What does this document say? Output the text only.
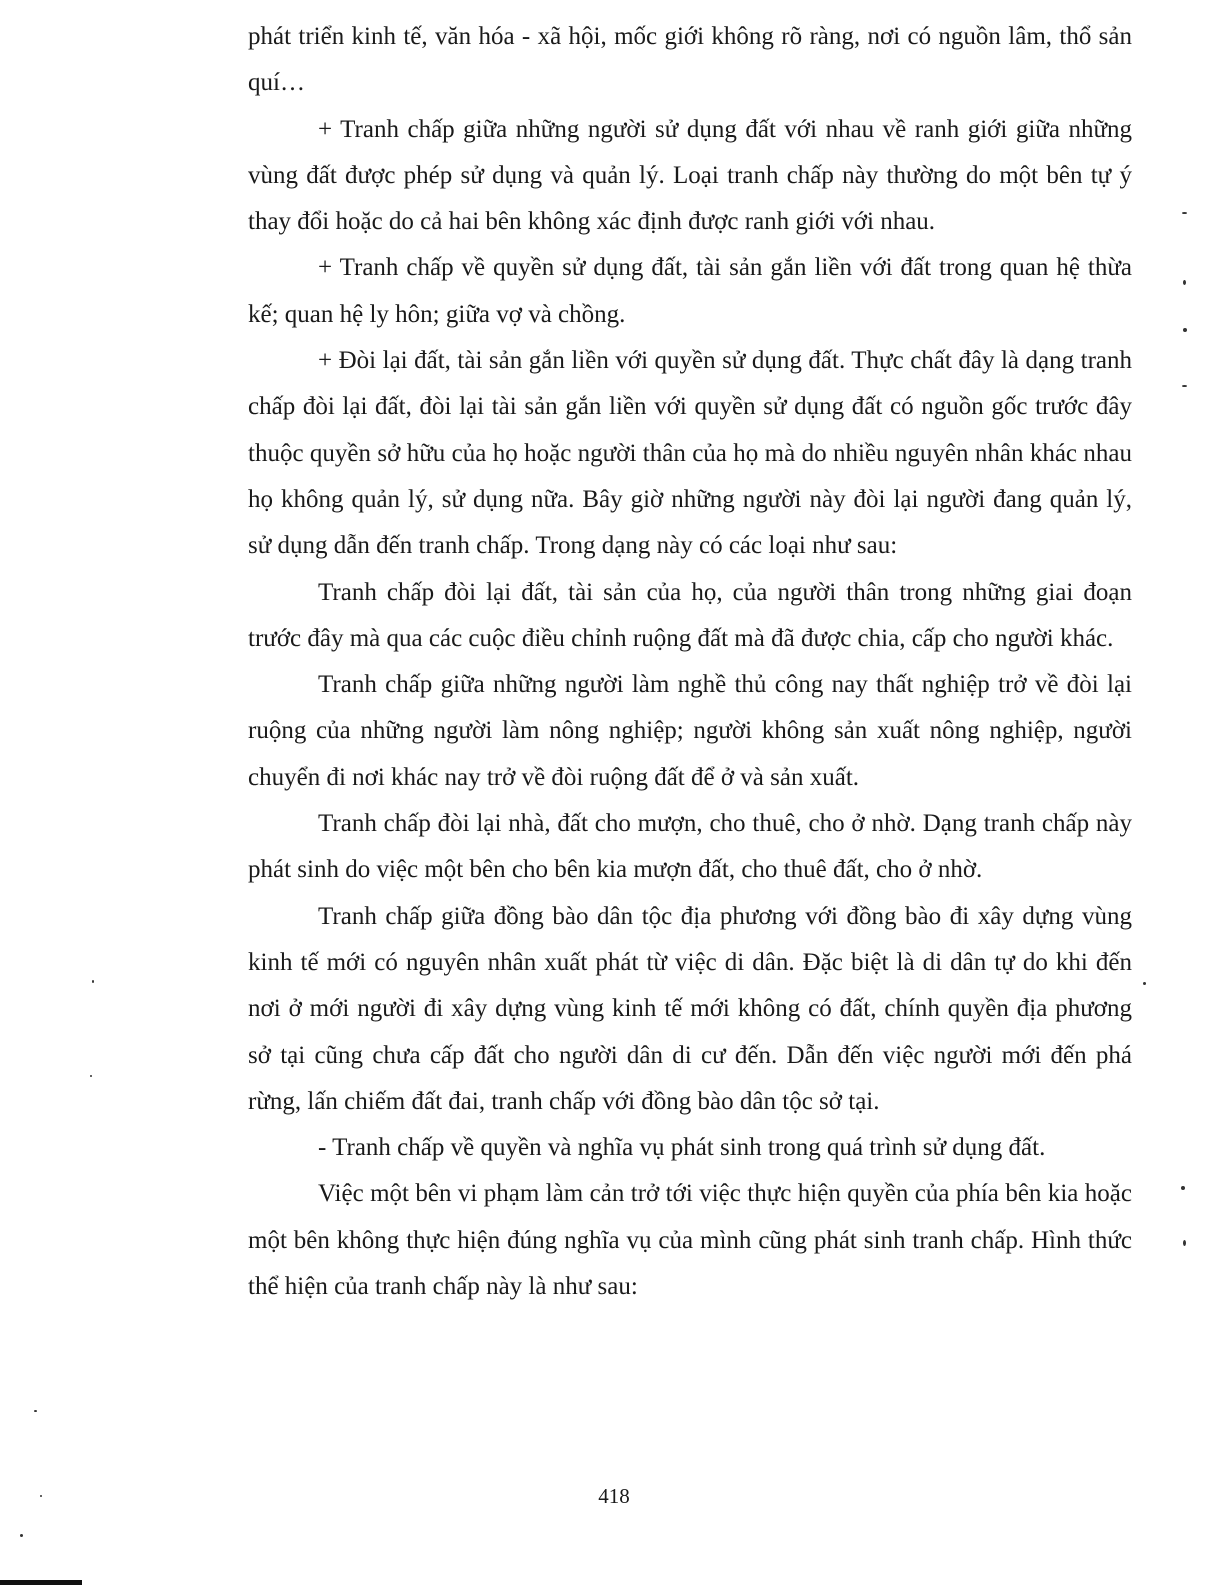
phát triển kinh tế, văn hóa - xã hội, mốc giới không rõ ràng, nơi có nguồn lâm, thổ sản quí…

+ Tranh chấp giữa những người sử dụng đất với nhau về ranh giới giữa những vùng đất được phép sử dụng và quản lý. Loại tranh chấp này thường do một bên tự ý thay đổi hoặc do cả hai bên không xác định được ranh giới với nhau.

+ Tranh chấp về quyền sử dụng đất, tài sản gắn liền với đất trong quan hệ thừa kế; quan hệ ly hôn; giữa vợ và chồng.

+ Đòi lại đất, tài sản gắn liền với quyền sử dụng đất. Thực chất đây là dạng tranh chấp đòi lại đất, đòi lại tài sản gắn liền với quyền sử dụng đất có nguồn gốc trước đây thuộc quyền sở hữu của họ hoặc người thân của họ mà do nhiều nguyên nhân khác nhau họ không quản lý, sử dụng nữa. Bây giờ những người này đòi lại người đang quản lý, sử dụng dẫn đến tranh chấp. Trong dạng này có các loại như sau:

Tranh chấp đòi lại đất, tài sản của họ, của người thân trong những giai đoạn trước đây mà qua các cuộc điều chỉnh ruộng đất mà đã được chia, cấp cho người khác.

Tranh chấp giữa những người làm nghề thủ công nay thất nghiệp trở về đòi lại ruộng của những người làm nông nghiệp; người không sản xuất nông nghiệp, người chuyển đi nơi khác nay trở về đòi ruộng đất để ở và sản xuất.

Tranh chấp đòi lại nhà, đất cho mượn, cho thuê, cho ở nhờ. Dạng tranh chấp này phát sinh do việc một bên cho bên kia mượn đất, cho thuê đất, cho ở nhờ.

Tranh chấp giữa đồng bào dân tộc địa phương với đồng bào đi xây dựng vùng kinh tế mới có nguyên nhân xuất phát từ việc di dân. Đặc biệt là di dân tự do khi đến nơi ở mới người đi xây dựng vùng kinh tế mới không có đất, chính quyền địa phương sở tại cũng chưa cấp đất cho người dân di cư đến. Dẫn đến việc người mới đến phá rừng, lấn chiếm đất đai, tranh chấp với đồng bào dân tộc sở tại.

- Tranh chấp về quyền và nghĩa vụ phát sinh trong quá trình sử dụng đất.

Việc một bên vi phạm làm cản trở tới việc thực hiện quyền của phía bên kia hoặc một bên không thực hiện đúng nghĩa vụ của mình cũng phát sinh tranh chấp. Hình thức thể hiện của tranh chấp này là như sau:

418
